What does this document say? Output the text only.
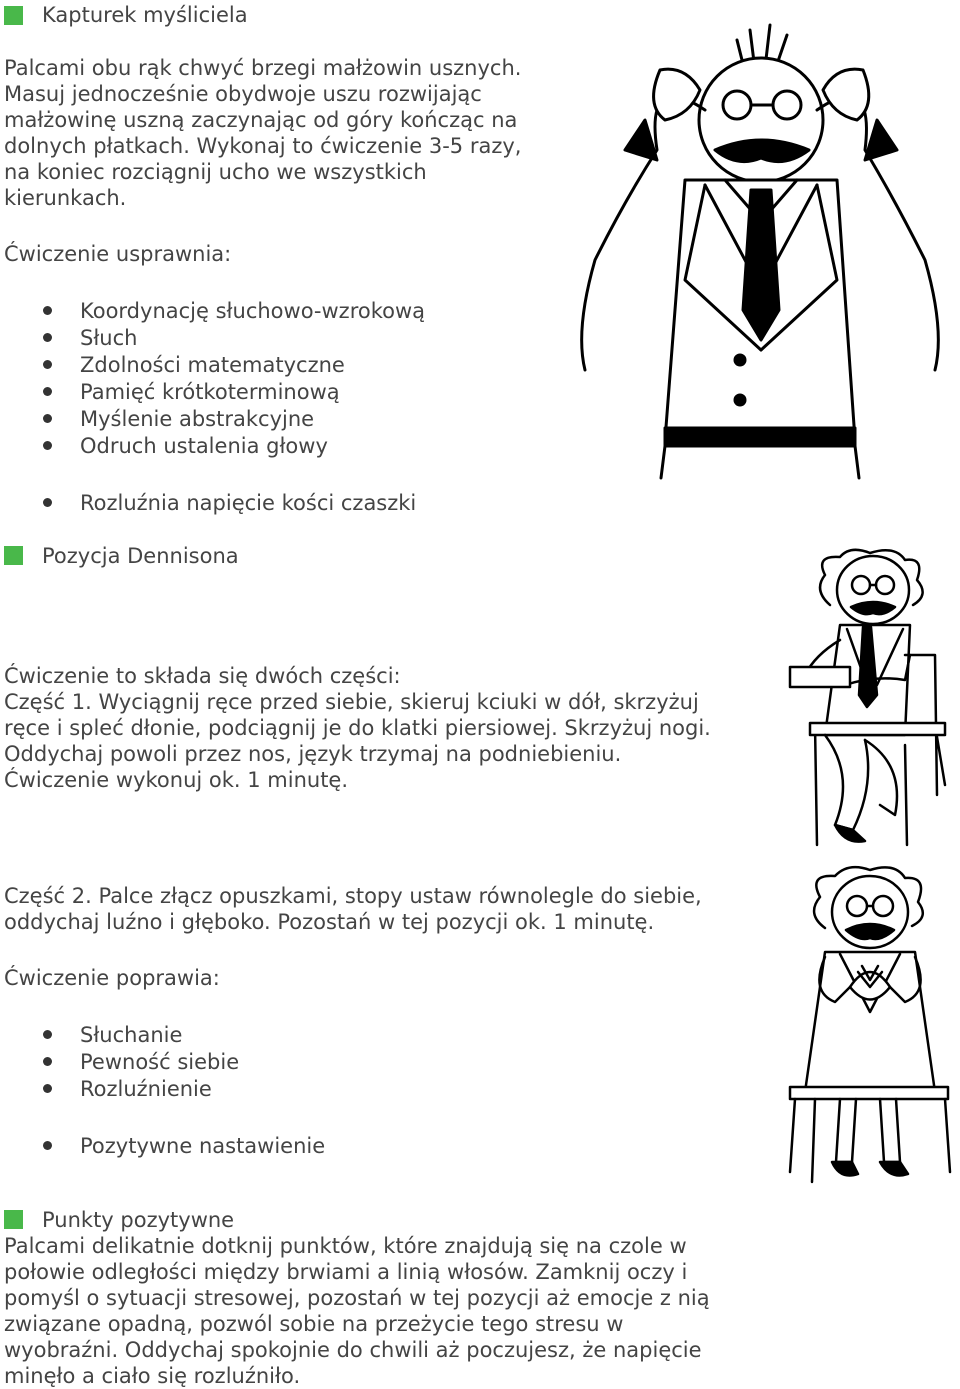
Kapturek myśliciela
Palcami obu rąk chwyć brzegi małżowin usznych.
Masuj jednocześnie obydwoje uszu rozwijając
małżowinę uszną zaczynając od góry kończąc na
dolnych płatkach. Wykonaj to ćwiczenie 3-5 razy,
na koniec rozciągnij ucho we wszystkich
kierunkach.
Ćwiczenie usprawnia:
Koordynację słuchowo-wzrokową
Słuch
Zdolności matematyczne
Pamięć krótkoterminową
Myślenie abstrakcyjne
Odruch ustalenia głowy
Rozluźnia napięcie kości czaszki
Pozycja Dennisona
Ćwiczenie to składa się dwóch części:
Część 1. Wyciągnij ręce przed siebie, skieruj kciuki w dół, skrzyżuj
ręce i spleć dłonie, podciągnij je do klatki piersiowej. Skrzyżuj nogi.
Oddychaj powoli przez nos, język trzymaj na podniebieniu.
Ćwiczenie wykonuj ok. 1 minutę.
Część 2. Palce złącz opuszkami, stopy ustaw równolegle do siebie,
oddychaj luźno i głęboko. Pozostań w tej pozycji ok. 1 minutę.
Ćwiczenie poprawia:
Słuchanie
Pewność siebie
Rozluźnienie
Pozytywne nastawienie
Punkty pozytywne
Palcami delikatnie dotknij punktów, które znajdują się na czole w
połowie odległości między brwiami a linią włosów. Zamknij oczy i
pomyśl o sytuacji stresowej, pozostań w tej pozycji aż emocje z nią
związane opadną, pozwól sobie na przeżycie tego stresu w
wyobraźni. Oddychaj spokojnie do chwili aż poczujesz, że napięcie
minęło a ciało się rozluźniło.
